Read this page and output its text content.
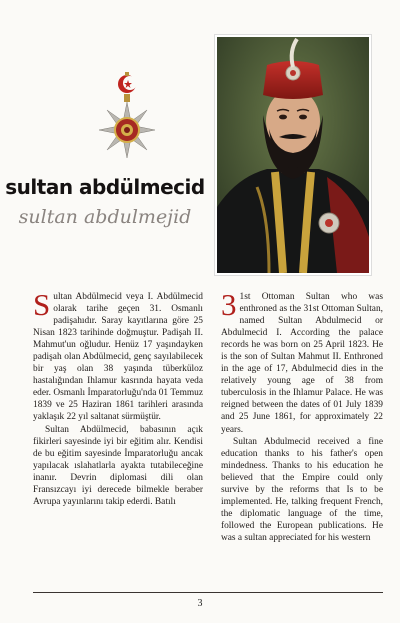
sultan abdülmecid
sultan abdulmejid

Sultan Abdülmecid veya I. Abdülmecid olarak tarihe geçen 31. Osmanlı padişahıdır. Saray kayıtlarına göre 25 Nisan 1823 tarihinde doğmuştur. Padişah II. Mahmut'un oğludur. Henüz 17 yaşındayken padişah olan Abdülmecid, genç sayılabilecek bir yaş olan 38 yaşında tüberküloz hastalığından Ihlamur kasrında hayata veda eder. Osmanlı İmparatorluğu'nda 01 Temmuz 1839 ve 25 Haziran 1861 tarihleri arasında yaklaşık 22 yıl saltanat sürmüştür.

Sultan Abdülmecid, babasının açık fikirleri sayesinde iyi bir eğitim alır. Kendisi de bu eğitim sayesinde İmparatorluğu ancak yapılacak ıslahatlarla ayakta tutabileceğine inanır. Devrin diplomasi dili olan Fransızcayı iyi derecede bilmekle beraber Avrupa yayınlarını takip ederdi. Batılı

3 1st Ottoman Sultan who was enthroned as the 31st Ottoman Sultan, named Sultan Abdulmecid or Abdulmecid I. According the palace records he was born on 25 April 1823. He is the son of Sultan Mahmut II. Enthroned in the age of 17, Abdulmecid dies in the relatively young age of 38 from tuberculosis in the Ihlamur Palace. He was reigned between the dates of 01 July 1839 and 25 June 1861, for approximately 22 years.

Sultan Abdulmecid received a fine education thanks to his father's open mindedness. Thanks to his education he believed that the Empire could only survive by the reforms that Is to be implemented. He, talking frequent French, the diplomatic language of the time, followed the European publications. He was a sultan appreciated for his western

3
